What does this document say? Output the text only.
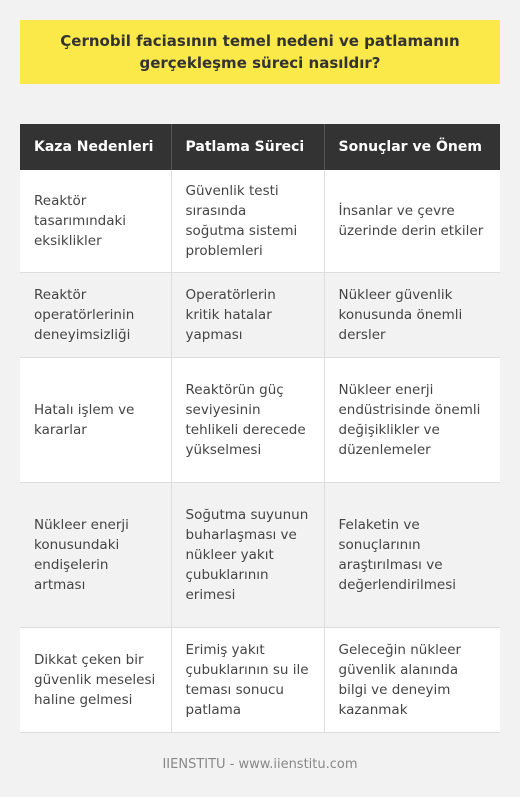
Çernobil faciasının temel nedeni ve patlamanın gerçekleşme süreci nasıldır?
Kaza Nedenleri	Patlama Süreci	Sonuçlar ve Önem
Reaktör tasarımındaki eksiklikler	Güvenlik testi sırasında soğutma sistemi problemleri	İnsanlar ve çevre üzerinde derin etkiler
Reaktör operatörlerinin deneyimsizliği	Operatörlerin kritik hatalar yapması	Nükleer güvenlik konusunda önemli dersler
Hatalı işlem ve kararlar	Reaktörün güç seviyesinin tehlikeli derecede yükselmesi	Nükleer enerji endüstrisinde önemli değişiklikler ve düzenlemeler
Nükleer enerji konusundaki endişelerin artması	Soğutma suyunun buharlaşması ve nükleer yakıt çubuklarının erimesi	Felaketin ve sonuçlarının araştırılması ve değerlendirilmesi
Dikkat çeken bir güvenlik meselesi haline gelmesi	Erimiş yakıt çubuklarının su ile teması sonucu patlama	Geleceğin nükleer güvenlik alanında bilgi ve deneyim kazanmak
IIENSTITU - www.iienstitu.com
